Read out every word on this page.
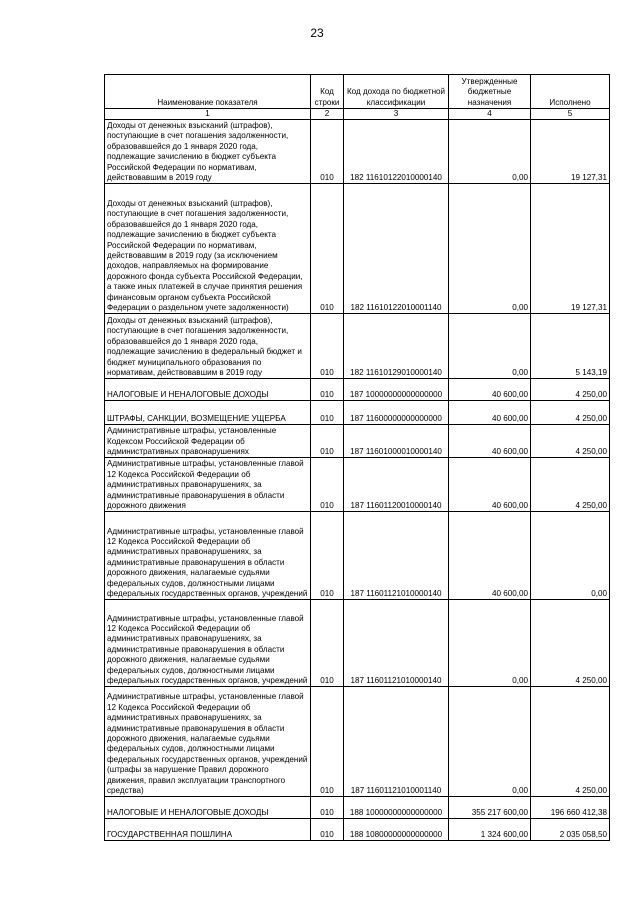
23
Наименование показателя	Код строки	Код дохода по бюджетной классификации	Утвержденные бюджетные назначения	Исполнено
1	2	3	4	5
Доходы от денежных взысканий (штрафов), поступающие в счет погашения задолженности, образовавшейся до 1 января 2020 года, подлежащие зачислению в бюджет субъекта Российской Федерации по нормативам, действовавшим в 2019 году	010	182 11610122010000140	0,00	19 127,31
Доходы от денежных взысканий (штрафов), поступающие в счет погашения задолженности, образовавшейся до 1 января 2020 года, подлежащие зачислению в бюджет субъекта Российской Федерации по нормативам, действовавшим в 2019 году (за исключением доходов, направляемых на формирование дорожного фонда субъекта Российской Федерации, а также иных платежей в случае принятия решения финансовым органом субъекта Российской Федерации о раздельном учете задолженности)	010	182 11610122010001140	0,00	19 127,31
Доходы от денежных взысканий (штрафов), поступающие в счет погашения задолженности, образовавшейся до 1 января 2020 года, подлежащие зачислению в федеральный бюджет и бюджет муниципального образования по нормативам, действовавшим в 2019 году	010	182 11610129010000140	0,00	5 143,19
НАЛОГОВЫЕ И НЕНАЛОГОВЫЕ ДОХОДЫ	010	187 10000000000000000	40 600,00	4 250,00
ШТРАФЫ, САНКЦИИ, ВОЗМЕЩЕНИЕ УЩЕРБА	010	187 11600000000000000	40 600,00	4 250,00
Административные штрафы, установленные Кодексом Российской Федерации об административных правонарушениях	010	187 11601000010000140	40 600,00	4 250,00
Административные штрафы, установленные главой 12 Кодекса Российской Федерации об административных правонарушениях, за административные правонарушения в области дорожного движения	010	187 11601120010000140	40 600,00	4 250,00
Административные штрафы, установленные главой 12 Кодекса Российской Федерации об административных правонарушениях, за административные правонарушения в области дорожного движения, налагаемые судьями федеральных судов, должностными лицами федеральных государственных органов, учреждений	010	187 11601121010000140	40 600,00	0,00
Административные штрафы, установленные главой 12 Кодекса Российской Федерации об административных правонарушениях, за административные правонарушения в области дорожного движения, налагаемые судьями федеральных судов, должностными лицами федеральных государственных органов, учреждений	010	187 11601121010000140	0,00	4 250,00
Административные штрафы, установленные главой 12 Кодекса Российской Федерации об административных правонарушениях, за административные правонарушения в области дорожного движения, налагаемые судьями федеральных судов, должностными лицами федеральных государственных органов, учреждений (штрафы за нарушение Правил дорожного движения, правил эксплуатации транспортного средства)	010	187 11601121010001140	0,00	4 250,00
НАЛОГОВЫЕ И НЕНАЛОГОВЫЕ ДОХОДЫ	010	188 10000000000000000	355 217 600,00	196 660 412,38
ГОСУДАРСТВЕННАЯ ПОШЛИНА	010	188 10800000000000000	1 324 600,00	2 035 058,50
